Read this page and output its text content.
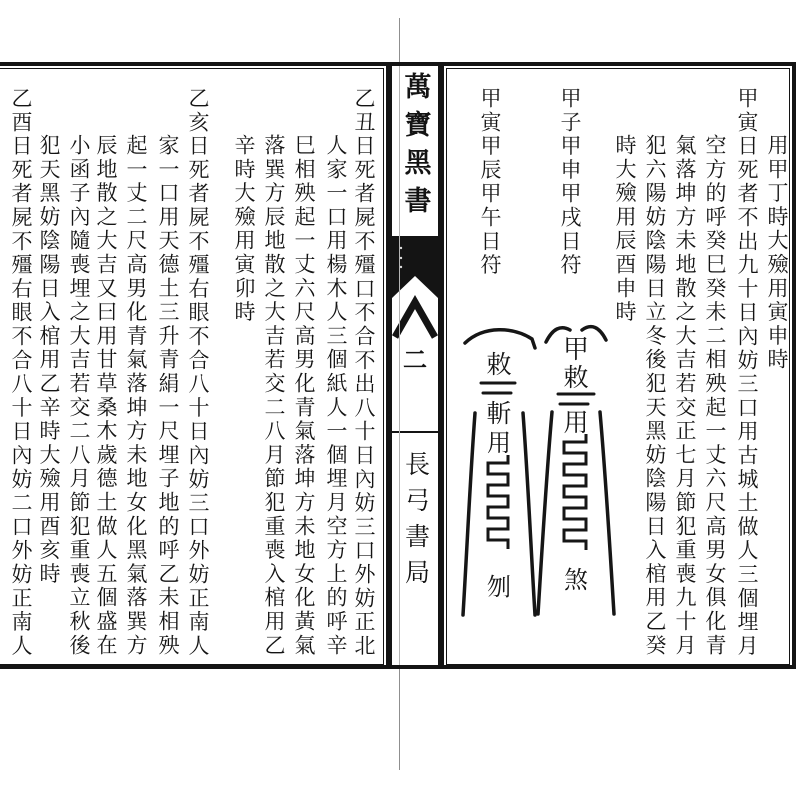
乙丑日死者屍不殭口不合不出八十日內妨三口外妨正北
人家一口用楊木人三個紙人一個埋月空方上的呼辛
巳相殃起一丈六尺高男化青氣落坤方未地女化黃氣
落巽方辰地散之大吉若交二八月節犯重喪入棺用乙
辛時大殮用寅卯時
乙亥日死者屍不殭右眼不合八十日內妨三口外妨正南人
家一口用天德土三升青絹一尺埋子地的呼乙未相殃
起一丈二尺高男化青氣落坤方未地女化黑氣落巽方
辰地散之大吉又曰用甘草桑木歲德土做人五個盛在
小函子內隨喪埋之大吉若交二八月節犯重喪立秋後
犯天黑妨陰陽日入棺用乙辛時大殮用酉亥時
乙酉日死者屍不殭右眼不合八十日內妨二口外妨正南人	萬寶黑書
二
長弓書局
用甲丁時大殮用寅申時
甲寅日死者不出九十日內妨三口用古城土做人三個埋月
空方的呼癸巳癸未二相殃起一丈六尺高男女俱化青
氣落坤方未地散之大吉若交正七月節犯重喪九十月
犯六陽妨陰陽日立冬後犯天黑妨陰陽日入棺用乙癸
時大殮用辰酉申時
甲子甲申甲戌日符
甲寅甲辰甲午日符
甲
敕
用
煞
敕
斬
用
刎
